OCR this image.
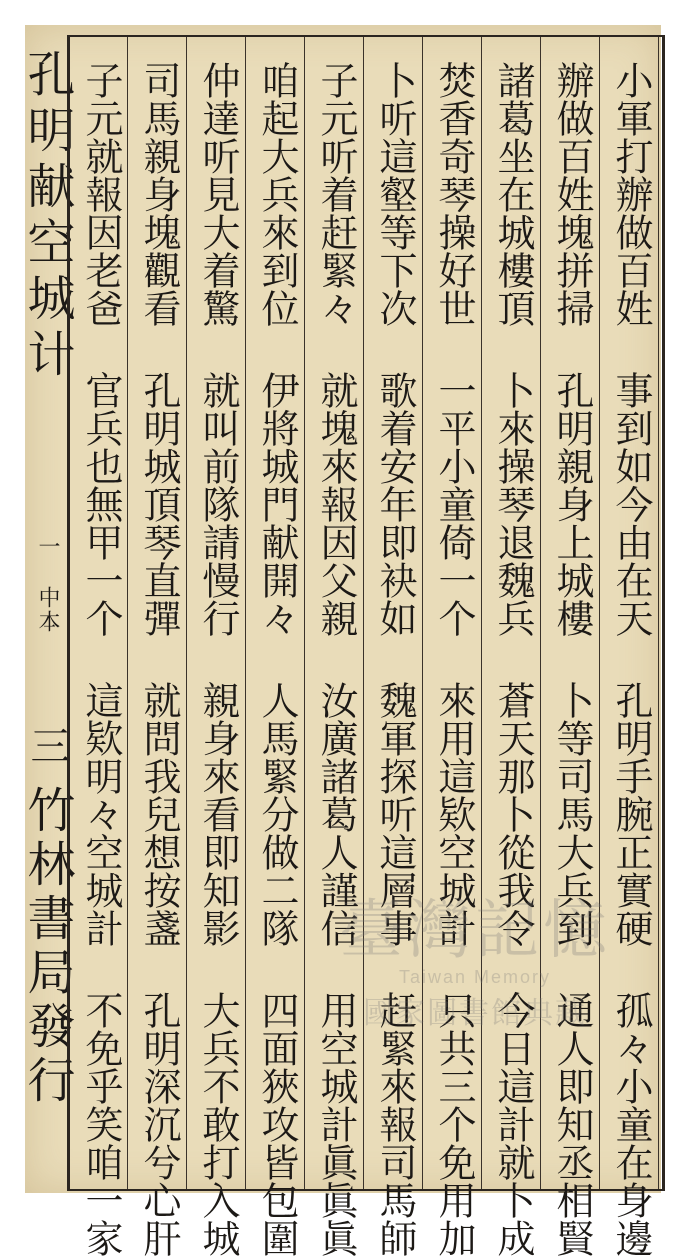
孔明献空城计
一 中本
三
竹林書局發行	小軍打辦做百姓 事到如今由在天 孔明手腕正實硬 孤々小童在身邊
辦做百姓塊拼掃 孔明親身上城樓 卜等司馬大兵到 通人即知丞相賢
諸葛坐在城樓頂 卜來操琴退魏兵 蒼天那卜從我令 今日這計就卜成
焚香奇琴操好世 一平小童倚一个 來用這欵空城計 只共三个免用加
卜听這壑等下次 歌着安年即袂如 魏軍探听這層事 赶緊來報司馬師
子元听着赶緊々 就塊來報因父親 汝廣諸葛人謹信 用空城計眞眞眞
咱起大兵來到位 伊將城門献開々 人馬緊分做二隊 四面狹攻皆包圍
仲達听見大着驚 就叫前隊請慢行 親身來看即知影 大兵不敢打入城
司馬親身塊觀看 孔明城頂琴直彈 就問我兒想按盞 孔明深沉兮心肝
子元就報因老爸 官兵也無甲一个 這欵明々空城計 不免乎笑咱一家	臺灣記憶
Taiwan Memory
國家圖書館典藏
